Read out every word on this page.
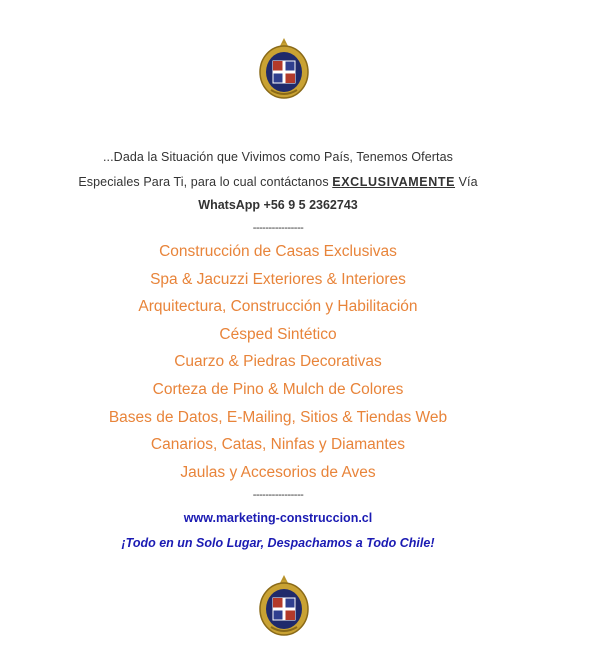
...Dada la Situación que Vivimos como País, Tenemos Ofertas
Especiales Para Ti, para lo cual contáctanos EXCLUSIVAMENTE Vía
WhatsApp +56 9 5 2362743
----------------
Construcción de Casas Exclusivas
Spa & Jacuzzi Exteriores & Interiores
Arquitectura, Construcción y Habilitación
Césped Sintético
Cuarzo & Piedras Decorativas
Corteza de Pino & Mulch de Colores
Bases de Datos, E-Mailing, Sitios & Tiendas Web
Canarios, Catas, Ninfas y Diamantes
Jaulas y Accesorios de Aves
----------------
www.marketing-construccion.cl
¡Todo en un Solo Lugar, Despachamos a Todo Chile!
